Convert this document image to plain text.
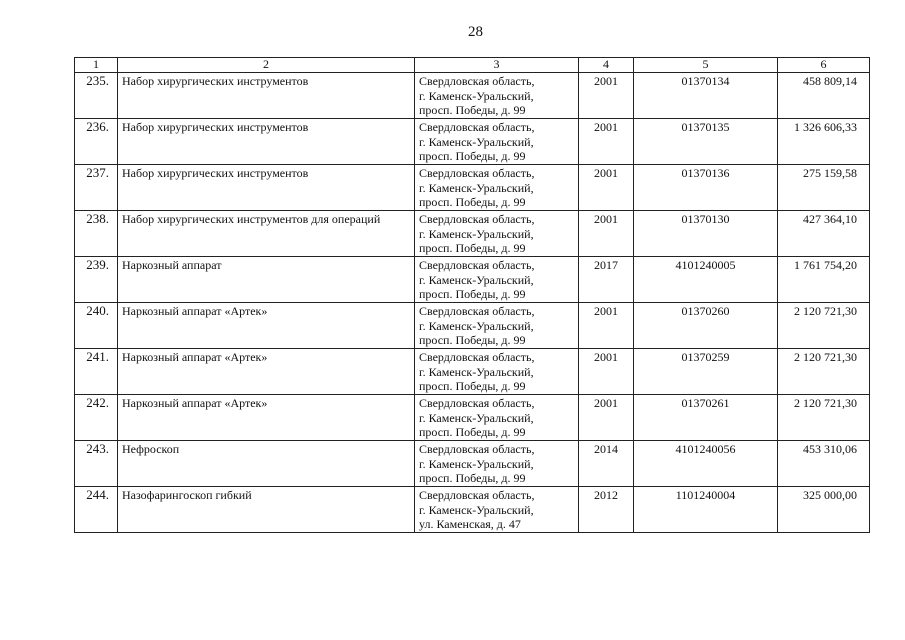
28
1	2	3	4	5	6
235.	Набор хирургических инструментов	Свердловская область,
г. Каменск-Уральский,
просп. Победы, д. 99	2001	01370134	458 809,14
236.	Набор хирургических инструментов	Свердловская область,
г. Каменск-Уральский,
просп. Победы, д. 99	2001	01370135	1 326 606,33
237.	Набор хирургических инструментов	Свердловская область,
г. Каменск-Уральский,
просп. Победы, д. 99	2001	01370136	275 159,58
238.	Набор хирургических инструментов для операций	Свердловская область,
г. Каменск-Уральский,
просп. Победы, д. 99	2001	01370130	427 364,10
239.	Наркозный аппарат	Свердловская область,
г. Каменск-Уральский,
просп. Победы, д. 99	2017	4101240005	1 761 754,20
240.	Наркозный аппарат «Артек»	Свердловская область,
г. Каменск-Уральский,
просп. Победы, д. 99	2001	01370260	2 120 721,30
241.	Наркозный аппарат «Артек»	Свердловская область,
г. Каменск-Уральский,
просп. Победы, д. 99	2001	01370259	2 120 721,30
242.	Наркозный аппарат «Артек»	Свердловская область,
г. Каменск-Уральский,
просп. Победы, д. 99	2001	01370261	2 120 721,30
243.	Нефроскоп	Свердловская область,
г. Каменск-Уральский,
просп. Победы, д. 99	2014	4101240056	453 310,06
244.	Назофарингоскоп гибкий	Свердловская область,
г. Каменск-Уральский,
ул. Каменская, д. 47	2012	1101240004	325 000,00
